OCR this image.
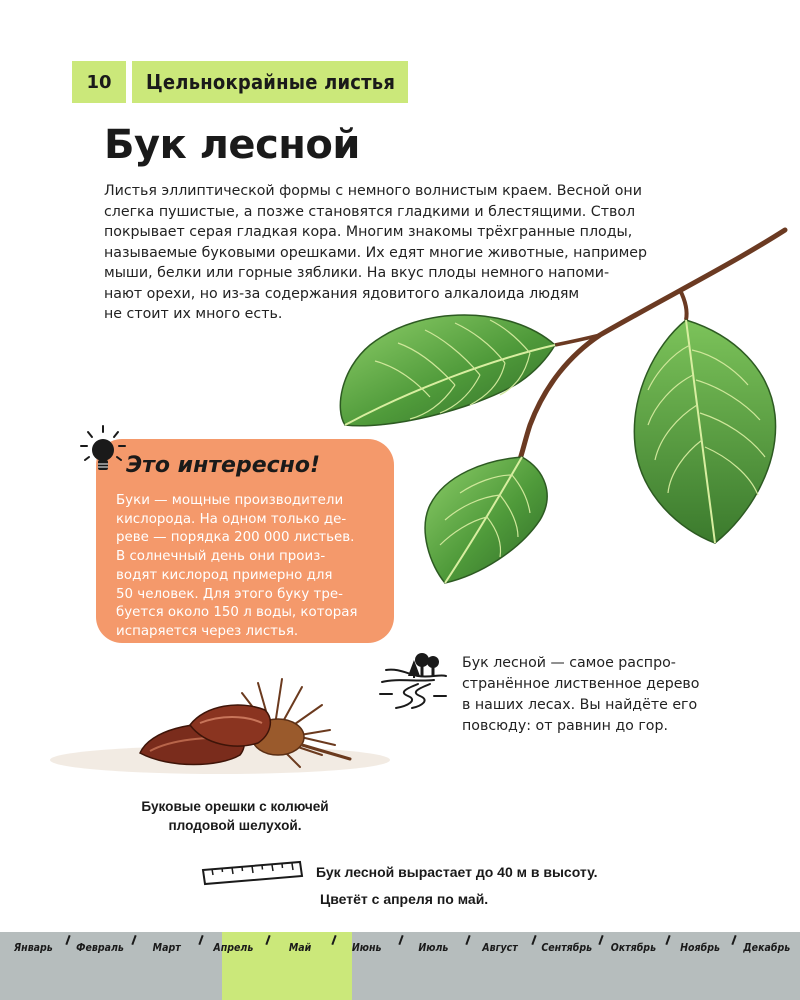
10	Цельнокрайные листья
Бук лесной
Листья эллиптической формы с немного волнистым краем. Весной они
слегка пушистые, а позже становятся гладкими и блестящими. Ствол
покрывает серая гладкая кора. Многим знакомы трёхгранные плоды,
называемые буковыми орешками. Их едят многие животные, например
мыши, белки или горные зяблики. На вкус плоды немного напоми-
нают орехи, но из-за содержания ядовитого алкалоида людям
не стоит их много есть.
Это интересно!
Буки — мощные производители
кислорода. На одном только де-
реве — порядка 200 000 листьев.
В солнечный день они произ-
водят кислород примерно для
50 человек. Для этого буку тре-
буется около 150 л воды, которая
испаряется через листья.
Бук лесной — самое распро-
странённое лиственное дерево
в наших лесах. Вы найдёте его
повсюду: от равнин до гор.
Буковые орешки с колючей
плодовой шелухой.
Бук лесной вырастает до 40 м в высоту.
Цветёт с апреля по май.
Январь	Февраль	Март	Апрель	Май	Июнь	Июль	Август	Сентябрь	Октябрь	Ноябрь	Декабрь
